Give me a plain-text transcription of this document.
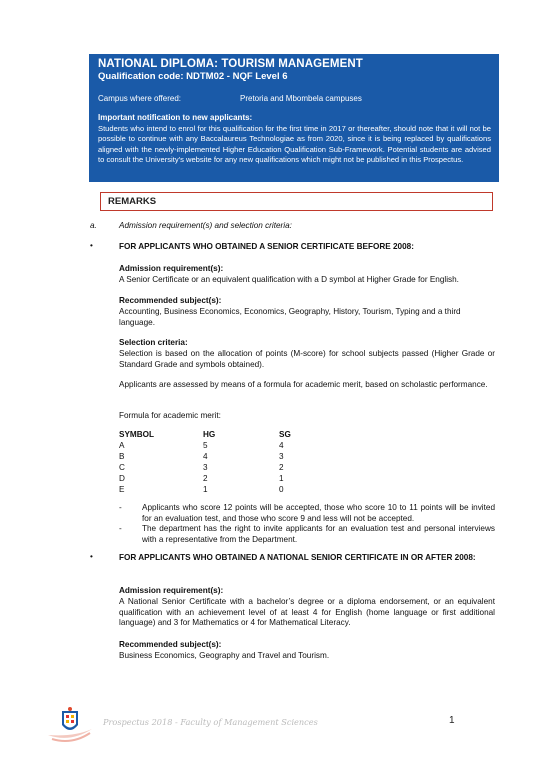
NATIONAL DIPLOMA: TOURISM MANAGEMENT
Qualification code: NDTM02 - NQF Level 6
Campus where offered:	Pretoria and Mbombela campuses
Important notification to new applicants:
Students who intend to enrol for this qualification for the first time in 2017 or thereafter, should note that it will not be possible to continue with any Baccalaureus Technologiae as from 2020, since it is being replaced by qualifications aligned with the newly-implemented Higher Education Qualification Sub-Framework. Potential students are advised to consult the University's website for any new qualifications which might not be published in this Prospectus.
REMARKS
a.	Admission requirement(s) and selection criteria:
•	FOR APPLICANTS WHO OBTAINED A SENIOR CERTIFICATE BEFORE 2008:
Admission requirement(s):
A Senior Certificate or an equivalent qualification with a D symbol at Higher Grade for English.
Recommended subject(s):
Accounting, Business Economics, Economics, Geography, History, Tourism, Typing and a third language.
Selection criteria:
Selection is based on the allocation of points (M-score) for school subjects passed (Higher Grade or Standard Grade and symbols obtained).
Applicants are assessed by means of a formula for academic merit, based on scholastic performance.
Formula for academic merit:
SYMBOL	HG	SG
A	5	4
B	4	3
C	3	2
D	2	1
E	1	0
- Applicants who score 12 points will be accepted, those who score 10 to 11 points will be invited for an evaluation test, and those who score 9 and less will not be accepted.
- The department has the right to invite applicants for an evaluation test and personal interviews with a representative from the Department.
•	FOR APPLICANTS WHO OBTAINED A NATIONAL SENIOR CERTIFICATE IN OR AFTER 2008:
Admission requirement(s):
A National Senior Certificate with a bachelor’s degree or a diploma endorsement, or an equivalent qualification with an achievement level of at least 4 for English (home language or first additional language) and 3 for Mathematics or 4 for Mathematical Literacy.
Recommended subject(s):
Business Economics, Geography and Travel and Tourism.
Prospectus 2018 - Faculty of Management Sciences	1
